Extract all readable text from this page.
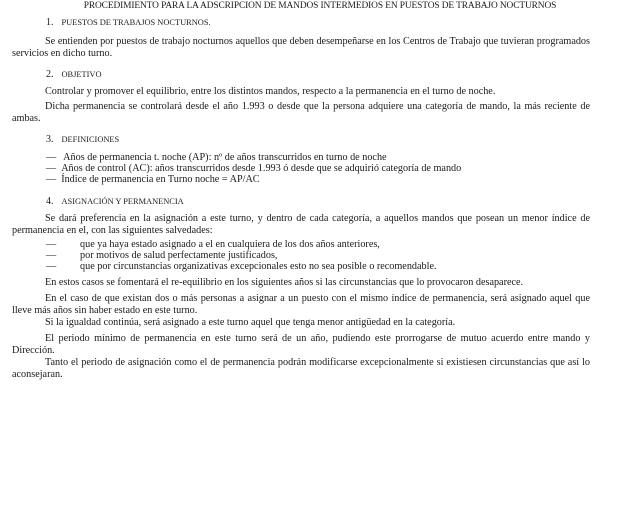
PROCEDIMIENTO PARA LA ADSCRIPCION DE MANDOS INTERMEDIOS EN PUESTOS DE TRABAJO NOCTURNOS
1. PUESTOS DE TRABAJOS NOCTURNOS.
Se entienden por puestos de trabajo nocturnos aquellos que deben desempeñarse en los Centros de Trabajo que tuvieran programados servicios en dicho turno.
2. OBJETIVO
Controlar y promover el equilibrio, entre los distintos mandos, respecto a la permanencia en el turno de noche.
Dicha permanencia se controlará desde el año 1.993 o desde que la persona adquiere una categoría de mando, la más reciente de ambas.
3. DEFINICIONES
— Años de permanencia t. noche (AP): nº de años transcurridos en turno de noche
— Años de control (AC): años transcurridos desde 1.993 ó desde que se adquirió categoría de mando
— Índice de permanencia en Turno noche = AP/AC
4. ASIGNACIÓN Y PERMANENCIA
Se dará preferencia en la asignación a este turno, y dentro de cada categoría, a aquellos mandos que posean un menor índice de permanencia en el, con las siguientes salvedades:
— que ya haya estado asignado a el en cualquiera de los dos años anteriores,
— por motivos de salud perfectamente justificados,
— que por circunstancias organizativas excepcionales esto no sea posible o recomendable.
En estos casos se fomentará el re-equilibrio en los siguientes años si las circunstancias que lo provocaron desaparece.
En el caso de que existan dos o más personas a asignar a un puesto con el mismo índice de permanencia, será asignado aquel que lleve más años sin haber estado en este turno.
Si la igualdad continúa, será asignado a este turno aquel que tenga menor antigüedad en la categoría.
El periodo mínimo de permanencia en este turno será de un año, pudiendo este prorrogarse de mutuo acuerdo entre mando y Dirección.
Tanto el periodo de asignación como el de permanencia podrán modificarse excepcionalmente si existiesen circunstancias que así lo aconsejaran.
